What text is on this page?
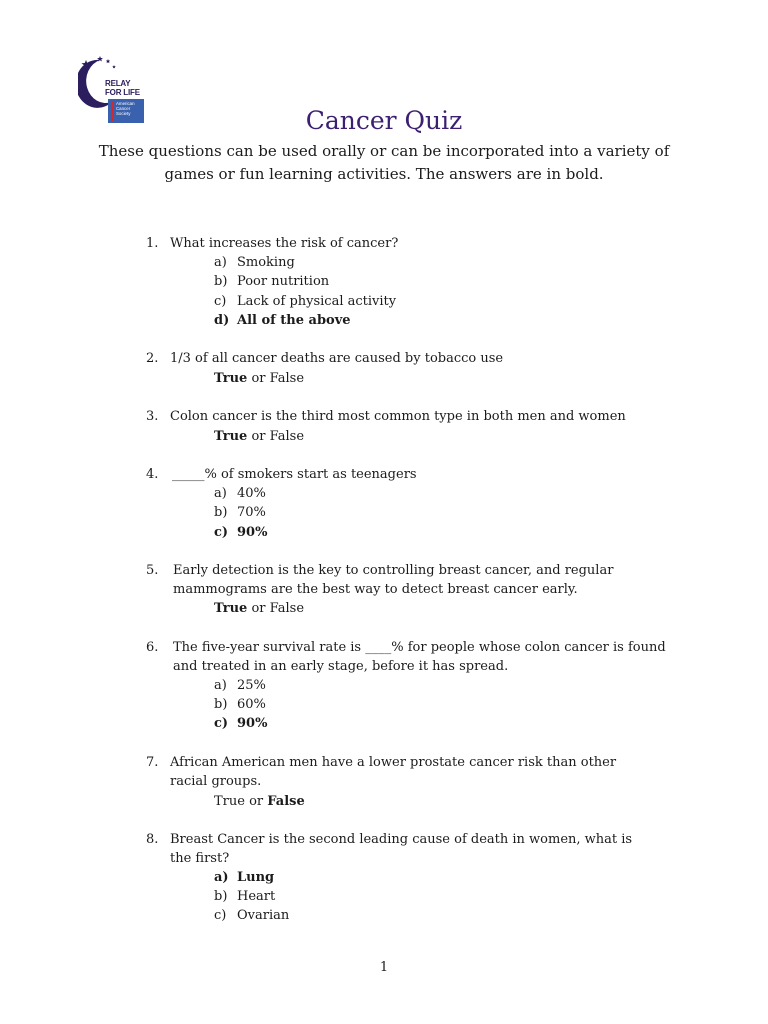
RELAY
FOR LIFE
American Cancer Society	Cancer Quiz
These questions can be used orally or can be incorporated into a variety of
games or fun learning activities. The answers are in bold.
1. What increases the risk of cancer?
a) Smoking
b) Poor nutrition
c) Lack of physical activity
d) All of the above
2. 1/3 of all cancer deaths are caused by tobacco use
True or False
3. Colon cancer is the third most common type in both men and women
True or False
4. _____% of smokers start as teenagers
a) 40%
b) 70%
c) 90%
5. Early detection is the key to controlling breast cancer, and regular
mammograms are the best way to detect breast cancer early.
True or False
6. The five-year survival rate is ____% for people whose colon cancer is found
and treated in an early stage, before it has spread.
a) 25%
b) 60%
c) 90%
7. African American men have a lower prostate cancer risk than other
racial groups.
True or False
8. Breast Cancer is the second leading cause of death in women, what is
the first?
a) Lung
b) Heart
c) Ovarian
1
